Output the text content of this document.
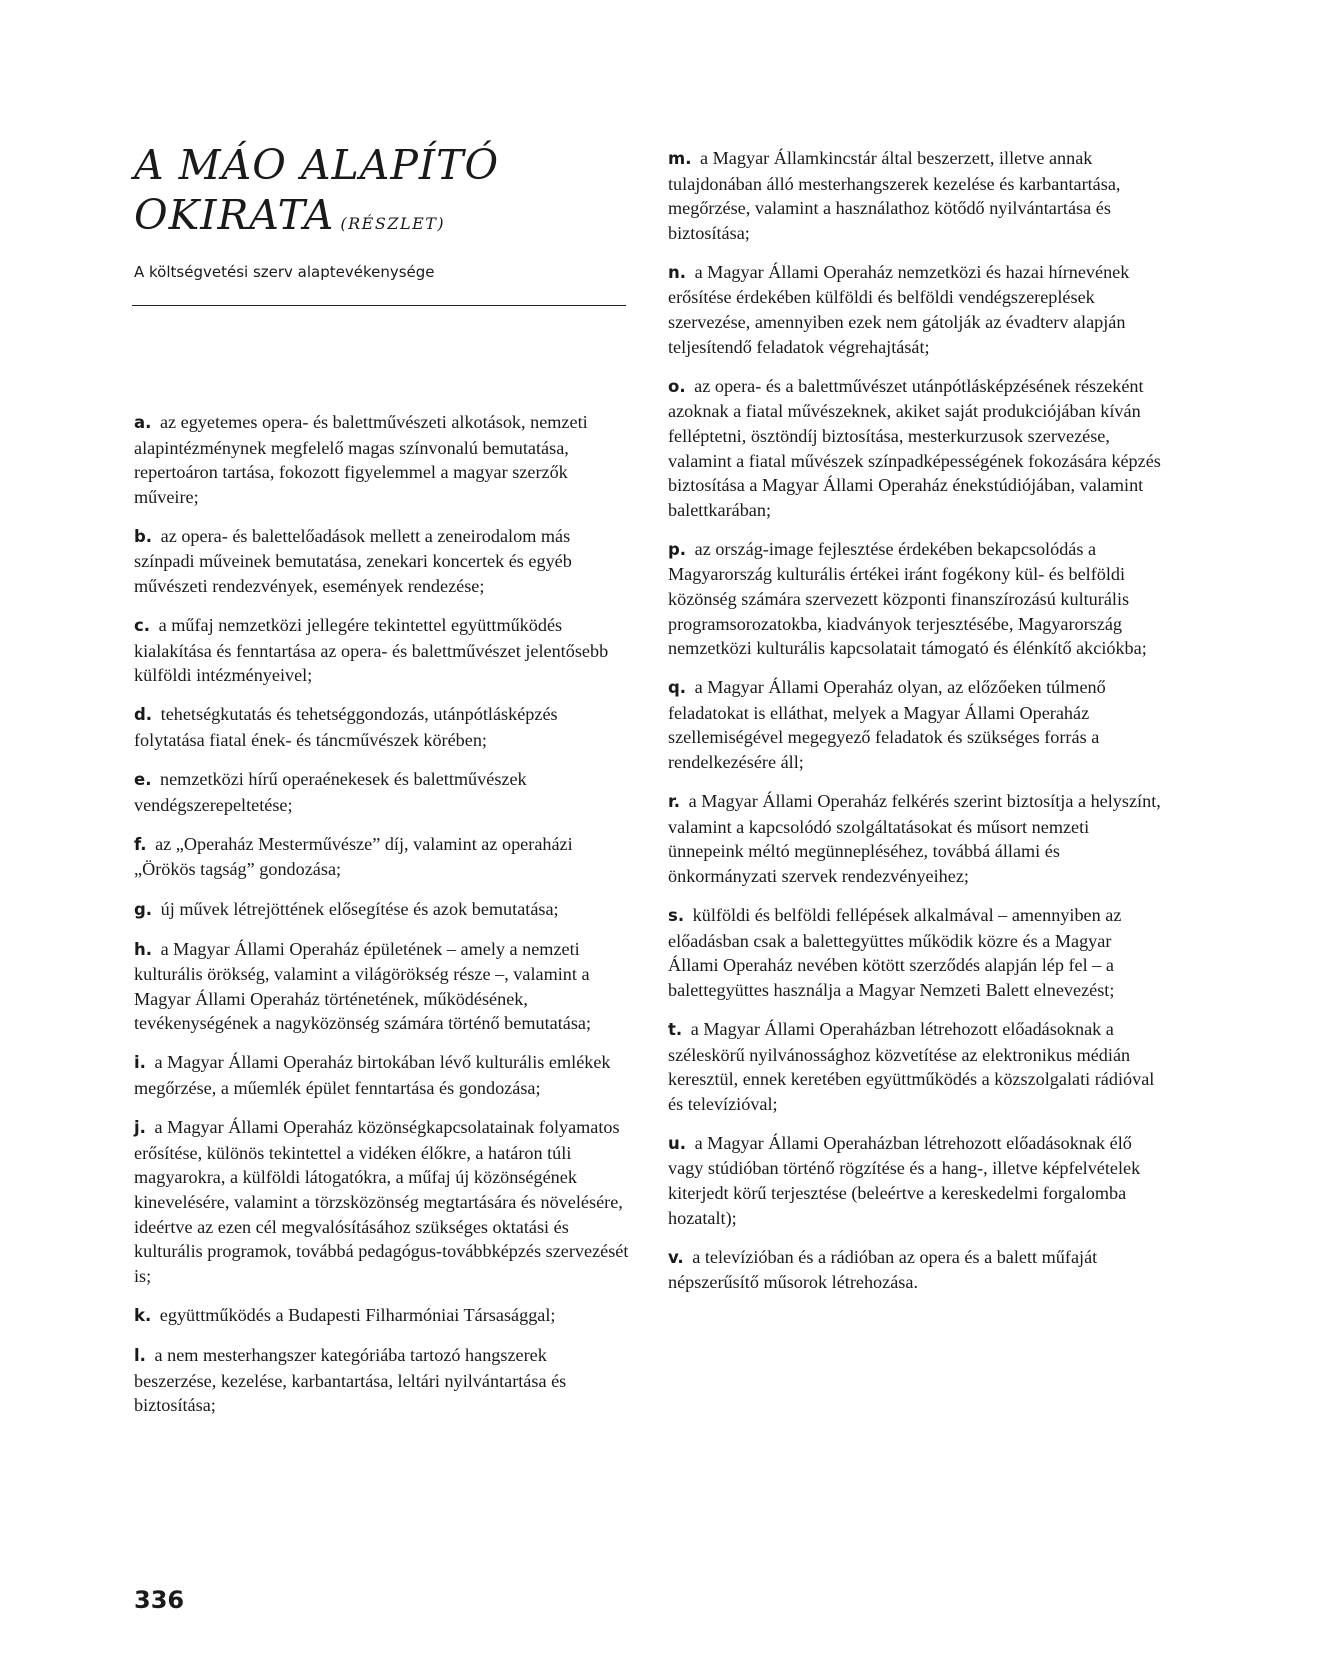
A MÁO ALAPÍTÓ
OKIRATA (RÉSZLET)
A költségvetési szerv alaptevékenysége

a. az egyetemes opera- és balettművészeti alkotások, nemzeti alapintézménynek megfelelő magas színvonalú bemutatása, repertoáron tartása, fokozott figyelemmel a magyar szerzők műveire;

b. az opera- és balettelőadások mellett a zeneirodalom más színpadi műveinek bemutatása, zenekari koncertek és egyéb művészeti rendezvények, események rendezése;

c. a műfaj nemzetközi jellegére tekintettel együttműködés kialakítása és fenntartása az opera- és balettművészet jelentősebb külföldi intézményeivel;

d. tehetségkutatás és tehetséggondozás, utánpótlásképzés folytatása fiatal ének- és táncművészek körében;

e. nemzetközi hírű operaénekesek és balettművészek vendégszerepeltetése;

f. az „Operaház Mesterművésze” díj, valamint az operaházi „Örökös tagság” gondozása;

g. új művek létrejöttének elősegítése és azok bemutatása;

h. a Magyar Állami Operaház épületének – amely a nemzeti kulturális örökség, valamint a világörökség része –, valamint a Magyar Állami Operaház történetének, működésének, tevékenységének a nagyközönség számára történő bemutatása;

i. a Magyar Állami Operaház birtokában lévő kulturális emlékek megőrzése, a műemlék épület fenntartása és gondozása;

j. a Magyar Állami Operaház közönségkapcsolatainak folyamatos erősítése, különös tekintettel a vidéken élőkre, a határon túli magyarokra, a külföldi látogatókra, a műfaj új közönségének kinevelésére, valamint a törzsközönség megtartására és növelésére, ideértve az ezen cél megvalósításához szükséges oktatási és kulturális programok, továbbá pedagógus-továbbképzés szervezését is;

k. együttműködés a Budapesti Filharmóniai Társasággal;

l. a nem mesterhangszer kategóriába tartozó hangszerek beszerzése, kezelése, karbantartása, leltári nyilvántartása és biztosítása;

m. a Magyar Államkincstár által beszerzett, illetve annak tulajdonában álló mesterhangszerek kezelése és karbantartása, megőrzése, valamint a használathoz kötődő nyilvántartása és biztosítása;

n. a Magyar Állami Operaház nemzetközi és hazai hírnevének erősítése érdekében külföldi és belföldi vendégszereplések szervezése, amennyiben ezek nem gátolják az évadterv alapján teljesítendő feladatok végrehajtását;

o. az opera- és a balettművészet utánpótlásképzésének részeként azoknak a fiatal művészeknek, akiket saját produkciójában kíván felléptetni, ösztöndíj biztosítása, mesterkurzusok szervezése, valamint a fiatal művészek színpadképességének fokozására képzés biztosítása a Magyar Állami Operaház énekstúdiójában, valamint balettkarában;

p. az ország-image fejlesztése érdekében bekapcsolódás a Magyarország kulturális értékei iránt fogékony kül- és belföldi közönség számára szervezett központi finanszírozású kulturális programsorozatokba, kiadványok terjesztésébe, Magyarország nemzetközi kulturális kapcsolatait támogató és élénkítő akciókba;

q. a Magyar Állami Operaház olyan, az előzőeken túlmenő feladatokat is elláthat, melyek a Magyar Állami Operaház szellemiségével megegyező feladatok és szükséges forrás a rendelkezésére áll;

r. a Magyar Állami Operaház felkérés szerint biztosítja a helyszínt, valamint a kapcsolódó szolgáltatásokat és műsort nemzeti ünnepeink méltó megünnepléséhez, továbbá állami és önkormányzati szervek rendezvényeihez;

s. külföldi és belföldi fellépések alkalmával – amennyiben az előadásban csak a balettegyüttes működik közre és a Magyar Állami Operaház nevében kötött szerződés alapján lép fel – a balettegyüttes használja a Magyar Nemzeti Balett elnevezést;

t. a Magyar Állami Operaházban létrehozott előadásoknak a széleskörű nyilvánossághoz közvetítése az elektronikus médián keresztül, ennek keretében együttműködés a közszolgalati rádióval és televízióval;

u. a Magyar Állami Operaházban létrehozott előadásoknak élő vagy stúdióban történő rögzítése és a hang-, illetve képfelvételek kiterjedt körű terjesztése (beleértve a kereskedelmi forgalomba hozatalt);

v. a televízióban és a rádióban az opera és a balett műfaját népszerűsítő műsorok létrehozása.

336
